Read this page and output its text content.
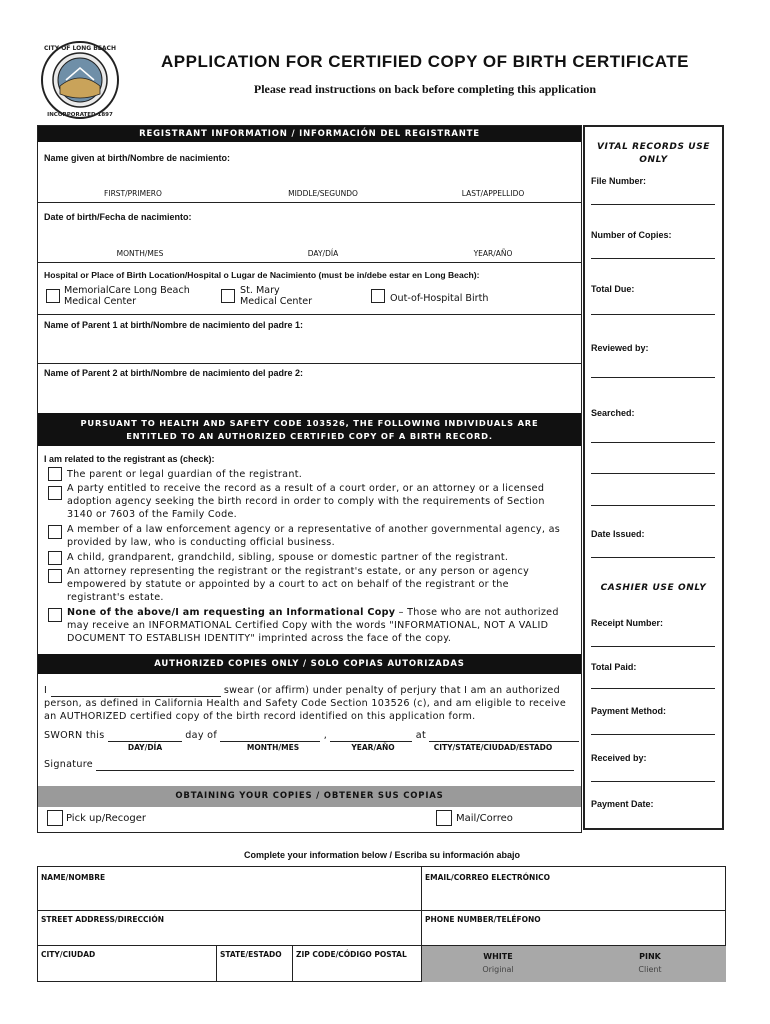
CITY OF LONG BEACH
INCORPORATED 1897
APPLICATION FOR CERTIFIED COPY OF BIRTH CERTIFICATE
Please read instructions on back before completing this application
REGISTRANT INFORMATION / INFORMACIÓN DEL REGISTRANTE
Name given at birth/Nombre de nacimiento:
FIRST/PRIMERO	MIDDLE/SEGUNDO	LAST/APPELLIDO
Date of birth/Fecha de nacimiento:
MONTH/MES	DAY/DÍA	YEAR/AÑO
Hospital or Place of Birth Location/Hospital o Lugar de Nacimiento (must be in/debe estar en Long Beach):
MemorialCare Long Beach
Medical Center
St. Mary
Medical Center	Out-of-Hospital Birth
Name of Parent 1 at birth/Nombre de nacimiento del padre 1:
Name of Parent 2 at birth/Nombre de nacimiento del padre 2:
PURSUANT TO HEALTH AND SAFETY CODE 103526, THE FOLLOWING INDIVIDUALS ARE
ENTITLED TO AN AUTHORIZED CERTIFIED COPY OF A BIRTH RECORD.
I am related to the registrant as (check):
The parent or legal guardian of the registrant.
A party entitled to receive the record as a result of a court order, or an attorney or a licensed
adoption agency seeking the birth record in order to comply with the requirements of Section
3140 or 7603 of the Family Code.
A member of a law enforcement agency or a representative of another governmental agency, as
provided by law, who is conducting official business.
A child, grandparent, grandchild, sibling, spouse or domestic partner of the registrant.
An attorney representing the registrant or the registrant's estate, or any person or agency
empowered by statute or appointed by a court to act on behalf of the registrant or the
registrant's estate.
None of the above/I am requesting an Informational Copy – Those who are not authorized
may receive an INFORMATIONAL Certified Copy with the words "INFORMATIONAL, NOT A VALID
DOCUMENT TO ESTABLISH IDENTITY" imprinted across the face of the copy.
AUTHORIZED COPIES ONLY / SOLO COPIAS AUTORIZADAS
I	swear (or affirm) under penalty of perjury that I am an authorized
person, as defined in California Health and Safety Code Section 103526 (c), and am eligible to receive
an AUTHORIZED certified copy of the birth record identified on this application form.
SWORN this	day of	,	at
DAY/DÍA	MONTH/MES	YEAR/AÑO	CITY/STATE/CIUDAD/ESTADO
Signature
OBTAINING YOUR COPIES / OBTENER SUS COPIAS
Pick up/Recoger	Mail/Correo
VITAL RECORDS USE
ONLY
File Number:
Number of Copies:
Total Due:
Reviewed by:
Searched:
Date Issued:
CASHIER USE ONLY
Receipt Number:
Total Paid:
Payment Method:
Received by:
Payment Date:
Complete your information below / Escriba su información abajo
NAME/NOMBRE	EMAIL/CORREO ELECTRÓNICO
STREET ADDRESS/DIRECCIÓN	PHONE NUMBER/TELÉFONO
CITY/CIUDAD	STATE/ESTADO ZIP CODE/CÓDIGO POSTAL	WHITE
Original
PINK
Client
